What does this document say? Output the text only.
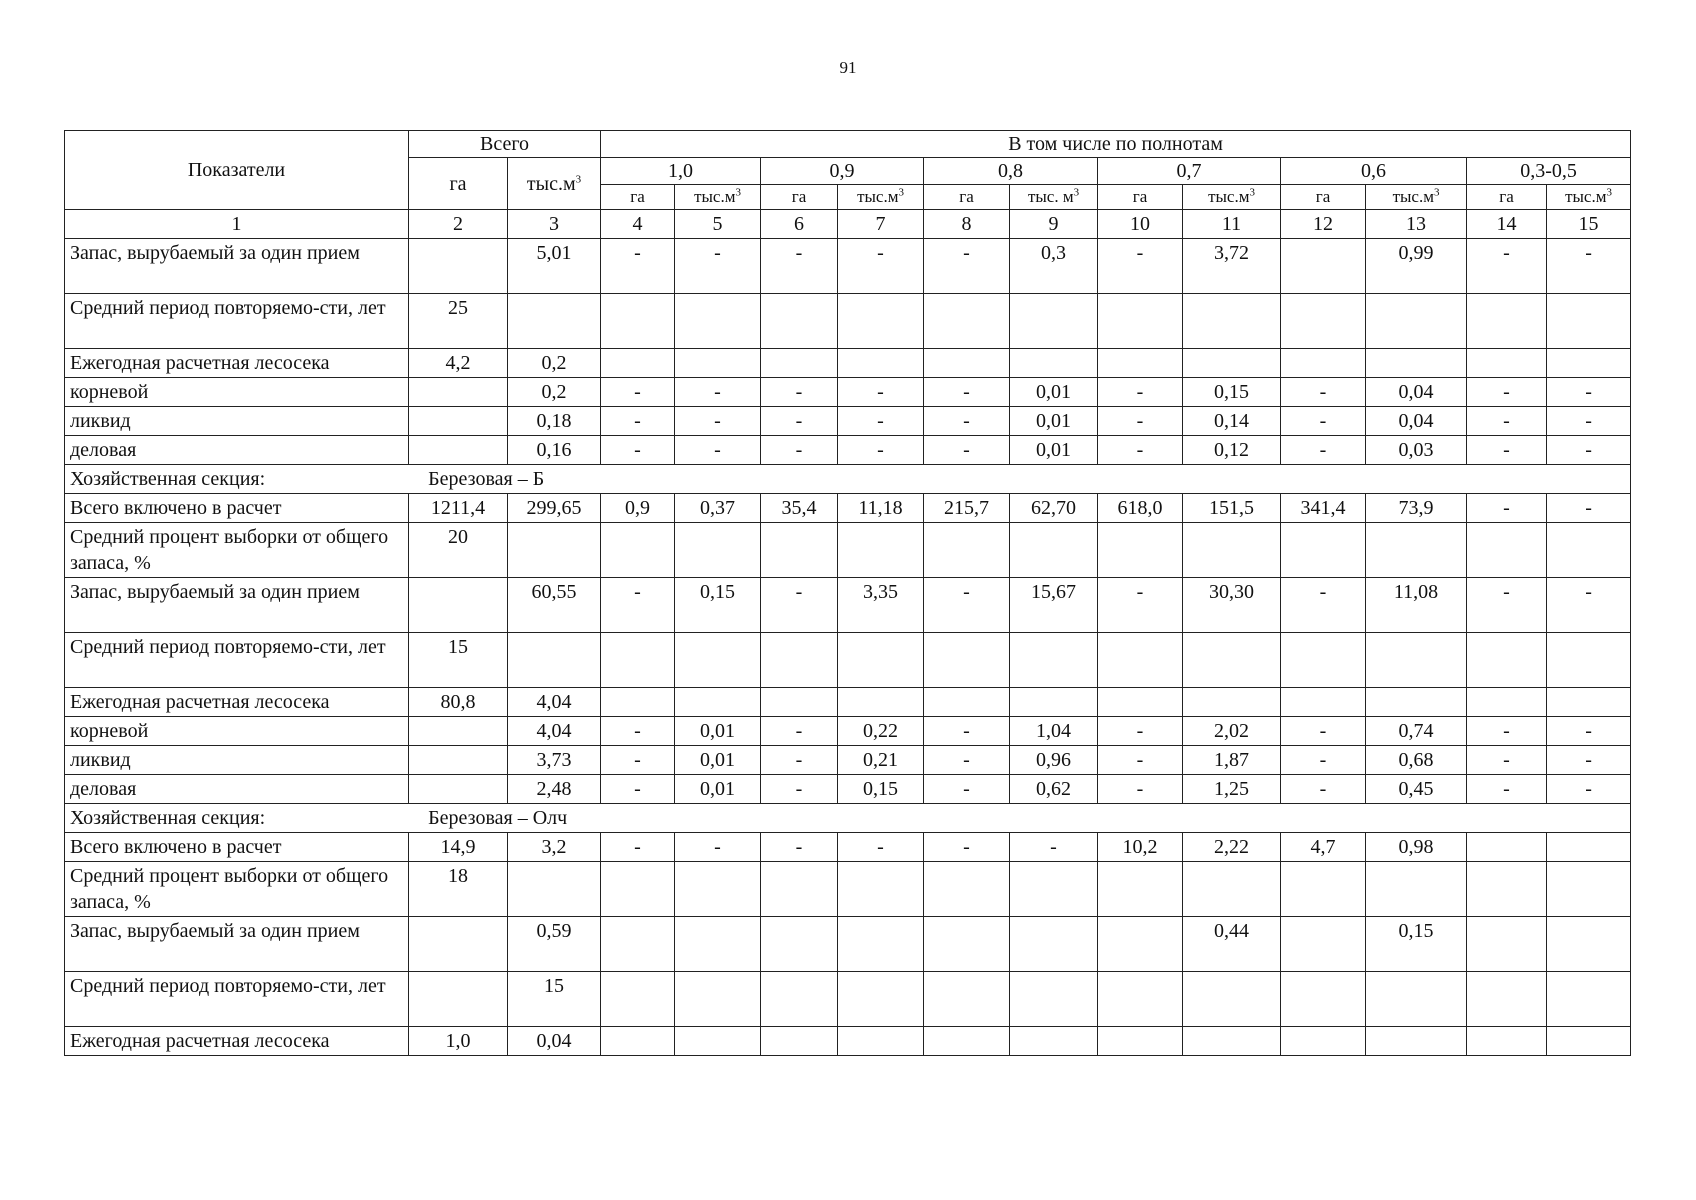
91
Показатели	Всего		В том числе по полнотам											
	га	$тыс.м^3$	1,0		0,9		0,8		0,7		0,6		0,3-0,5	
			га	$тыс.м^3$	га	$тыс.м^3$	га	тыс. $м^3$	га	$тыс.м^3$	га	$тыс.м^3$	га	$тыс.м^3$
1	2	3	4	5	6	7	8	9	10	11	12	13	14	15
Запас, вырубаемый за один прием		5,01	-	-	-	-	-	0,3	-	3,72		0,99	-	-
Средний период повторяемо-сти, лет	25													
Ежегодная расчетная лесосека	4,2	0,2												
корневой		0,2	-	-	-	-	-	0,01	-	0,15	-	0,04	-	-
ликвид		0,18	-	-	-	-	-	0,01	-	0,14	-	0,04	-	-
деловая		0,16	-	-	-	-	-	0,01	-	0,12	-	0,03	-	-
Хозяйственная секция: Березовая – Б														
Всего включено в расчет	1211,4	299,65	0,9	0,37	35,4	11,18	215,7	62,70	618,0	151,5	341,4	73,9	-	-
Средний процент выборки от общего запаса, %	20													
Запас, вырубаемый за один прием		60,55	-	0,15	-	3,35	-	15,67	-	30,30	-	11,08	-	-
Средний период повторяемо-сти, лет	15													
Ежегодная расчетная лесосека	80,8	4,04												
корневой		4,04	-	0,01	-	0,22	-	1,04	-	2,02	-	0,74	-	-
ликвид		3,73	-	0,01	-	0,21	-	0,96	-	1,87	-	0,68	-	-
деловая		2,48	-	0,01	-	0,15	-	0,62	-	1,25	-	0,45	-	-
Хозяйственная секция: Березовая – Олч														
Всего включено в расчет	14,9	3,2	-	-	-	-	-	-	10,2	2,22	4,7	0,98		
Средний процент выборки от общего запаса, %	18													
Запас, вырубаемый за один прием		0,59								0,44		0,15		
Средний период повторяемо-сти, лет		15												
Ежегодная расчетная лесосека	1,0	0,04												
